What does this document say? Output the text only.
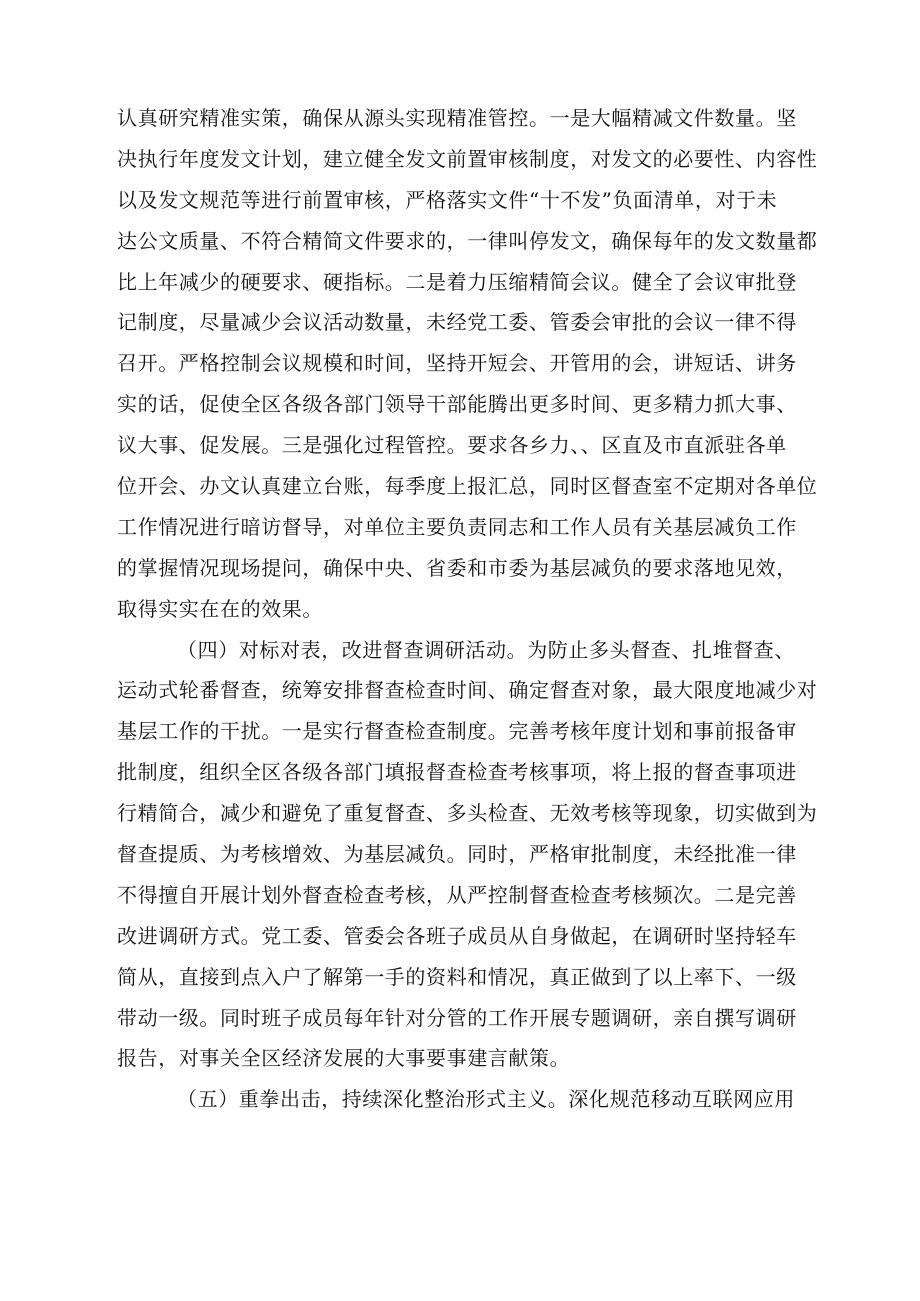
认真研究精准实策，确保从源头实现精准管控。一是大幅精减文件数量。坚
决执行年度发文计划，建立健全发文前置审核制度，对发文的必要性、内容性
以及发文规范等进行前置审核，严格落实文件“十不发”负面清单，对于未
达公文质量、不符合精简文件要求的，一律叫停发文，确保每年的发文数量都
比上年减少的硬要求、硬指标。二是着力压缩精简会议。健全了会议审批登
记制度，尽量减少会议活动数量，未经党工委、管委会审批的会议一律不得
召开。严格控制会议规模和时间，坚持开短会、开管用的会，讲短话、讲务
实的话，促使全区各级各部门领导干部能腾出更多时间、更多精力抓大事、
议大事、促发展。三是强化过程管控。要求各乡力、、区直及市直派驻各单
位开会、办文认真建立台账，每季度上报汇总，同时区督查室不定期对各单位
工作情况进行暗访督导，对单位主要负责同志和工作人员有关基层减负工作
的掌握情况现场提问，确保中央、省委和市委为基层减负的要求落地见效，
取得实实在在的效果。
（四）对标对表，改进督查调研活动。为防止多头督查、扎堆督查、
运动式轮番督查，统筹安排督查检查时间、确定督查对象，最大限度地减少对
基层工作的干扰。一是实行督查检查制度。完善考核年度计划和事前报备审
批制度，组织全区各级各部门填报督查检查考核事项，将上报的督查事项进
行精简合，减少和避免了重复督查、多头检查、无效考核等现象，切实做到为
督查提质、为考核增效、为基层减负。同时，严格审批制度，未经批准一律
不得擅自开展计划外督查检查考核，从严控制督查检查考核频次。二是完善
改进调研方式。党工委、管委会各班子成员从自身做起，在调研时坚持轻车
简从，直接到点入户了解第一手的资料和情况，真正做到了以上率下、一级
带动一级。同时班子成员每年针对分管的工作开展专题调研，亲自撰写调研
报告，对事关全区经济发展的大事要事建言献策。
（五）重拳出击，持续深化整治形式主义。深化规范移动互联网应用
